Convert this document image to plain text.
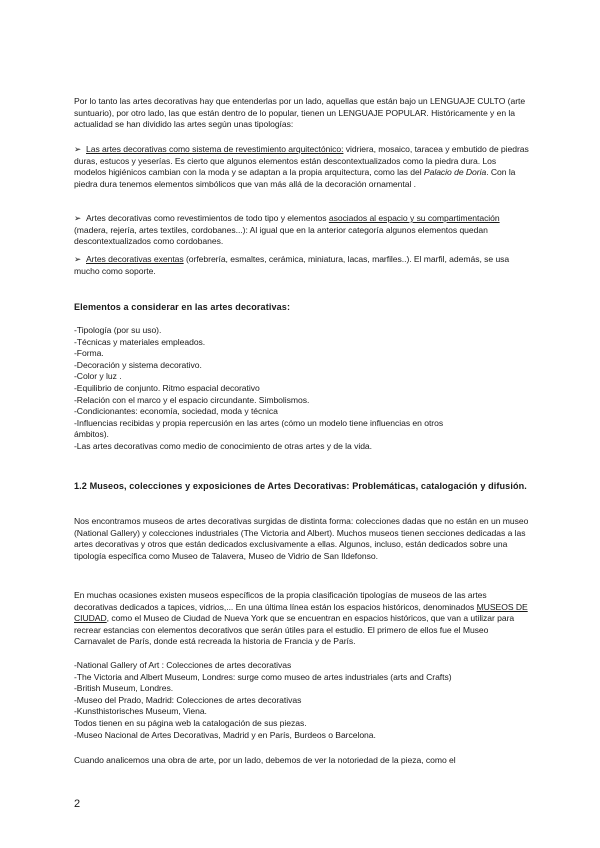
Por lo tanto las artes decorativas hay que entenderlas por un lado, aquellas que están bajo un LENGUAJE CULTO (arte suntuario), por otro lado, las que están dentro de lo popular, tienen un LENGUAJE POPULAR. Históricamente y en la actualidad se han dividido las artes según unas tipologías:

➢ Las artes decorativas como sistema de revestimiento arquitectónico: vidriera, mosaico, taracea y embutido de piedras duras, estucos y yeserías. Es cierto que algunos elementos están descontextualizados como la piedra dura. Los modelos higiénicos cambian con la moda y se adaptan a la propia arquitectura, como las del Palacio de Doria. Con la piedra dura tenemos elementos simbólicos que van más allá de la decoración ornamental .

➢ Artes decorativas como revestimientos de todo tipo y elementos asociados al espacio y su compartimentación (madera, rejería, artes textiles, cordobanes...): Al igual que en la anterior categoría algunos elementos quedan descontextualizados como cordobanes.

➢ Artes decorativas exentas (orfebrería, esmaltes, cerámica, miniatura, lacas, marfiles..). El marfil, además, se usa mucho como soporte.

Elementos a considerar en las artes decorativas:

-Tipología (por su uso).
-Técnicas y materiales empleados.
-Forma.
-Decoración y sistema decorativo.
-Color y luz .
-Equilibrio de conjunto. Ritmo espacial decorativo
-Relación con el marco y el espacio circundante. Simbolismos.
-Condicionantes: economía, sociedad, moda y técnica
-Influencias recibidas y propia repercusión en las artes (cómo un modelo tiene influencias en otros
ámbitos).
-Las artes decorativas como medio de conocimiento de otras artes y de la vida.

1.2 Museos, colecciones y exposiciones de Artes Decorativas: Problemáticas, catalogación y difusión.

Nos encontramos museos de artes decorativas surgidas de distinta forma: colecciones dadas que no están en un museo (National Gallery) y colecciones industriales (The Victoria and Albert). Muchos museos tienen secciones dedicadas a las artes decorativas y otros que están dedicados exclusivamente a ellas. Algunos, incluso, están dedicados sobre una tipología específica como Museo de Talavera, Museo de Vidrio de San Ildefonso.

En muchas ocasiones existen museos específicos de la propia clasificación tipologías de museos de las artes decorativas dedicados a tapices, vidrios,... En una última línea están los espacios históricos, denominados MUSEOS DE CIUDAD, como el Museo de Ciudad de Nueva York que se encuentran en espacios históricos, que van a utilizar para recrear estancias con elementos decorativos que serán útiles para el estudio. El primero de ellos fue el Museo Carnavalet de París, donde está recreada la historia de Francia y de París.

-National Gallery of Art : Colecciones de artes decorativas
-The Victoria and Albert Museum, Londres: surge como museo de artes industriales (arts and Crafts)
-British Museum, Londres.
-Museo del Prado, Madrid: Colecciones de artes decorativas
-Kunsthistorisches Museum, Viena.
Todos tienen en su página web la catalogación de sus piezas.
-Museo Nacional de Artes Decorativas, Madrid y en París, Burdeos o Barcelona.

Cuando analicemos una obra de arte, por un lado, debemos de ver la notoriedad de la pieza, como el

2
